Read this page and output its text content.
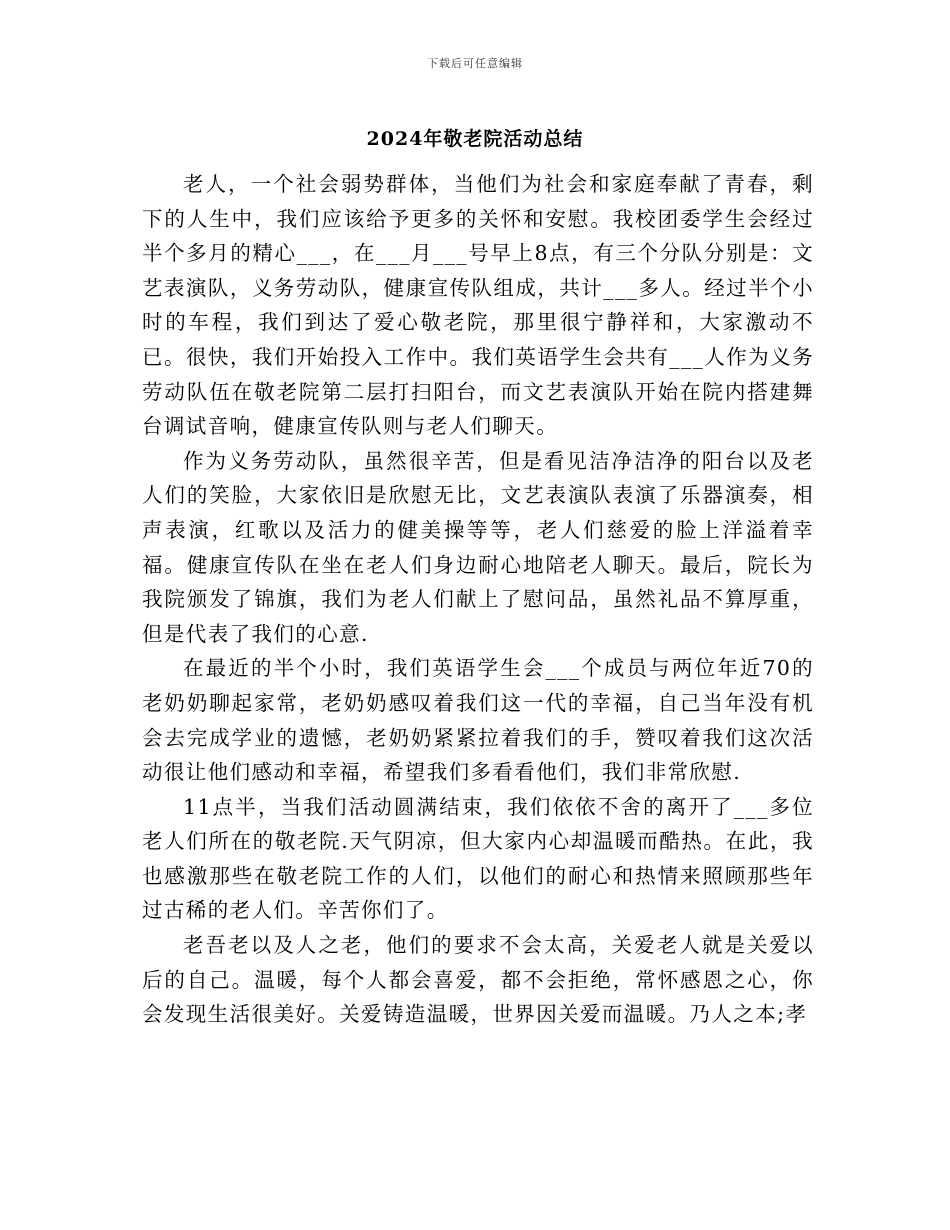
下载后可任意编辑
2024年敬老院活动总结

老人，一个社会弱势群体，当他们为社会和家庭奉献了青春，剩下的人生中，我们应该给予更多的关怀和安慰。我校团委学生会经过半个多月的精心___，在___月___号早上8点，有三个分队分别是：文艺表演队，义务劳动队，健康宣传队组成，共计___多人。经过半个小时的车程，我们到达了爱心敬老院，那里很宁静祥和，大家激动不已。很快，我们开始投入工作中。我们英语学生会共有___人作为义务劳动队伍在敬老院第二层打扫阳台，而文艺表演队开始在院内搭建舞台调试音响，健康宣传队则与老人们聊天。

作为义务劳动队，虽然很辛苦，但是看见洁净洁净的阳台以及老人们的笑脸，大家依旧是欣慰无比，文艺表演队表演了乐器演奏，相声表演，红歌以及活力的健美操等等，老人们慈爱的脸上洋溢着幸福。健康宣传队在坐在老人们身边耐心地陪老人聊天。最后，院长为我院颁发了锦旗，我们为老人们献上了慰问品，虽然礼品不算厚重，但是代表了我们的心意.

在最近的半个小时，我们英语学生会___个成员与两位年近70的老奶奶聊起家常，老奶奶感叹着我们这一代的幸福，自己当年没有机会去完成学业的遗憾，老奶奶紧紧拉着我们的手，赞叹着我们这次活动很让他们感动和幸福，希望我们多看看他们，我们非常欣慰.

11点半，当我们活动圆满结束，我们依依不舍的离开了___多位老人们所在的敬老院.天气阴凉，但大家内心却温暖而酷热。在此，我也感激那些在敬老院工作的人们，以他们的耐心和热情来照顾那些年过古稀的老人们。辛苦你们了。

老吾老以及人之老，他们的要求不会太高，关爱老人就是关爱以后的自己。温暖，每个人都会喜爱，都不会拒绝，常怀感恩之心，你会发现生活很美好。关爱铸造温暖，世界因关爱而温暖。乃人之本;孝
